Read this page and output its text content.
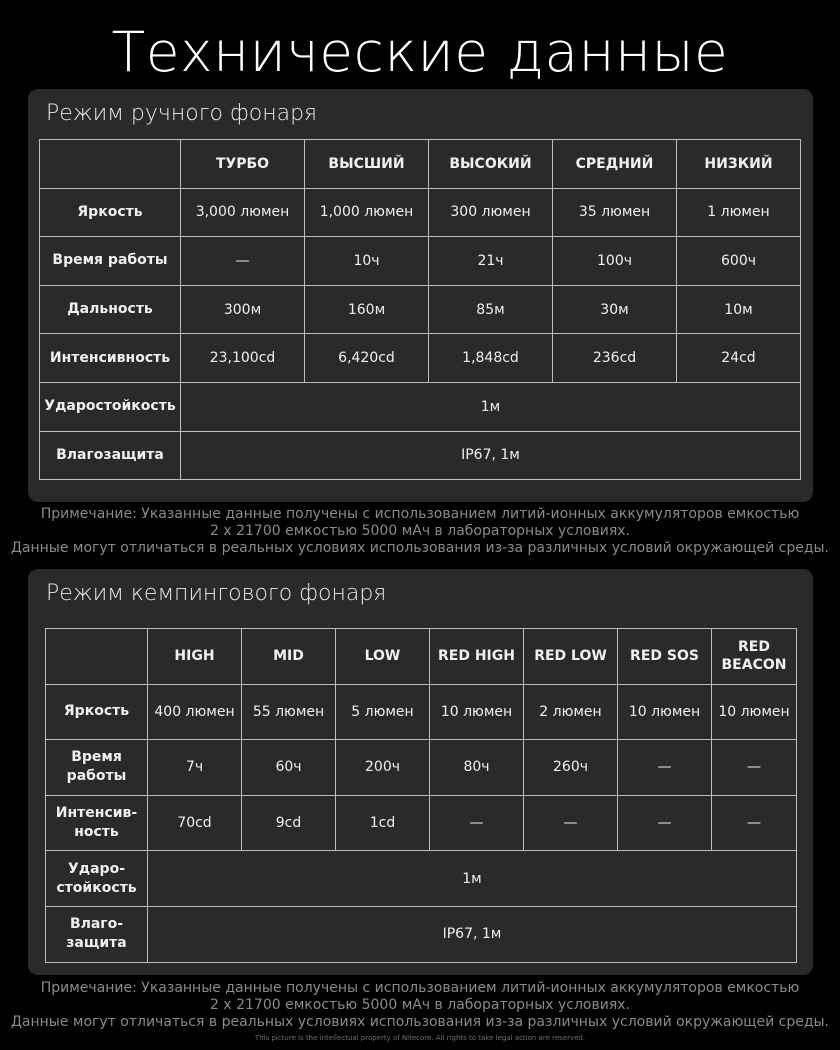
Технические данные
Режим ручного фонаря
	ТУРБО	ВЫСШИЙ	ВЫСОКИЙ	СРЕДНИЙ	НИЗКИЙ
Яркость	3,000 люмен	1,000 люмен	300 люмен	35 люмен	1 люмен
Время работы	—	10ч	21ч	100ч	600ч
Дальность	300м	160м	85м	30м	10м
Интенсивность	23,100cd	6,420cd	1,848cd	236cd	24cd
Ударостойкость	1м				
Влагозащита	IP67, 1м				
Примечание: Указанные данные получены с использованием литий-ионных аккумуляторов емкостью
2 x 21700 емкостью 5000 мАч в лабораторных условиях.
Данные могут отличаться в реальных условиях использования из-за различных условий окружающей среды.
Режим кемпингового фонаря
	HIGH	MID	LOW	RED HIGH	RED LOW	RED SOS	RED BEACON
Яркость	400 люмен	55 люмен	5 люмен	10 люмен	2 люмен	10 люмен	10 люмен
Время работы	7ч	60ч	200ч	80ч	260ч	—	—
Интенсив-ность	70cd	9cd	1cd	—	—	—	—
Ударо-стойкость	1м						
Влаго-защита	IP67, 1м						
Примечание: Указанные данные получены с использованием литий-ионных аккумуляторов емкостью
2 x 21700 емкостью 5000 мАч в лабораторных условиях.
Данные могут отличаться в реальных условиях использования из-за различных условий окружающей среды.
This picture is the intellectual property of Nitecore. All rights to take legal action are reserved.
